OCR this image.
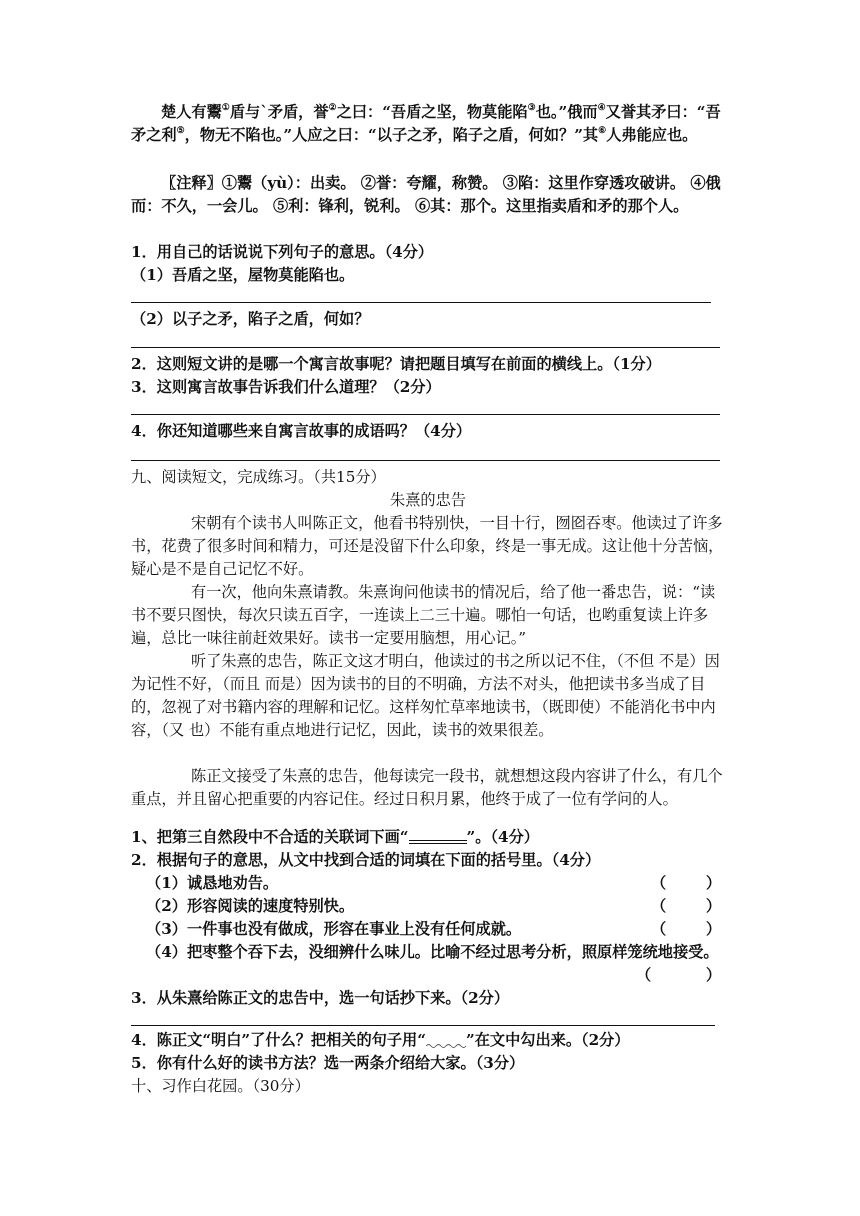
楚人有鬻①盾与`矛盾，誉②之曰：“吾盾之坚，物莫能陷③也。”俄而④又誉其矛曰：“吾矛之利⑤，物无不陷也。”人应之曰：“以子之矛，陷子之盾，何如？”其⑥人弗能应也。

〖注释〗①鬻（yù）：出卖。 ②誉：夸耀，称赞。 ③陷：这里作穿透攻破讲。 ④俄而：不久，一会儿。 ⑤利：锋利，锐利。 ⑥其：那个。这里指卖盾和矛的那个人。

1．用自己的话说说下列句子的意思。（4分）

（1）吾盾之坚，屋物莫能陷也。

（2）以子之矛，陷子之盾，何如？

2．这则短文讲的是哪一个寓言故事呢？请把题目填写在前面的横线上。（1分）

3．这则寓言故事告诉我们什么道理？（2分）

4．你还知道哪些来自寓言故事的成语吗？（4分）

九、阅读短文，完成练习。（共15分）

朱熹的忠告

宋朝有个读书人叫陈正文，他看书特别快，一目十行，囫囵吞枣。他读过了许多书，花费了很多时间和精力，可还是没留下什么印象，终是一事无成。这让他十分苦恼，疑心是不是自己记忆不好。

有一次，他向朱熹请教。朱熹询问他读书的情况后，给了他一番忠告，说：“读书不要只图快，每次只读五百字，一连读上二三十遍。哪怕一句话，也哟重复读上许多遍，总比一味往前赶效果好。读书一定要用脑想，用心记。”

听了朱熹的忠告，陈正文这才明白，他读过的书之所以记不住，（不但 不是）因为记性不好，（而且 而是）因为读书的目的不明确，方法不对头，他把读书多当成了目的，忽视了对书籍内容的理解和记忆。这样匆忙草率地读书，（既即使）不能消化书中内容，（又 也）不能有重点地进行记忆，因此，读书的效果很差。

陈正文接受了朱熹的忠告，他每读完一段书，就想想这段内容讲了什么，有几个重点，并且留心把重要的内容记住。经过日积月累，他终于成了一位有学问的人。

1、把第三自然段中不合适的关联词下画“	”。（4分）

2．根据句子的意思，从文中找到合适的词填在下面的括号里。（4分）

（1）诚恳地劝告。	（	）
（2）形容阅读的速度特别快。	（	）
（3）一件事也没有做成，形容在事业上没有任何成就。	（	）

（4）把枣整个吞下去，没细辨什么味儿。比喻不经过思考分析，照原样笼统地接受。

（	）

3．从朱熹给陈正文的忠告中，选一句话抄下来。（2分）

4．陈正文“明白”了什么？把相关的句子用“	”在文中勾出来。（2分）

5．你有什么好的读书方法？选一两条介绍给大家。（3分）

十、习作白花园。（30分）
